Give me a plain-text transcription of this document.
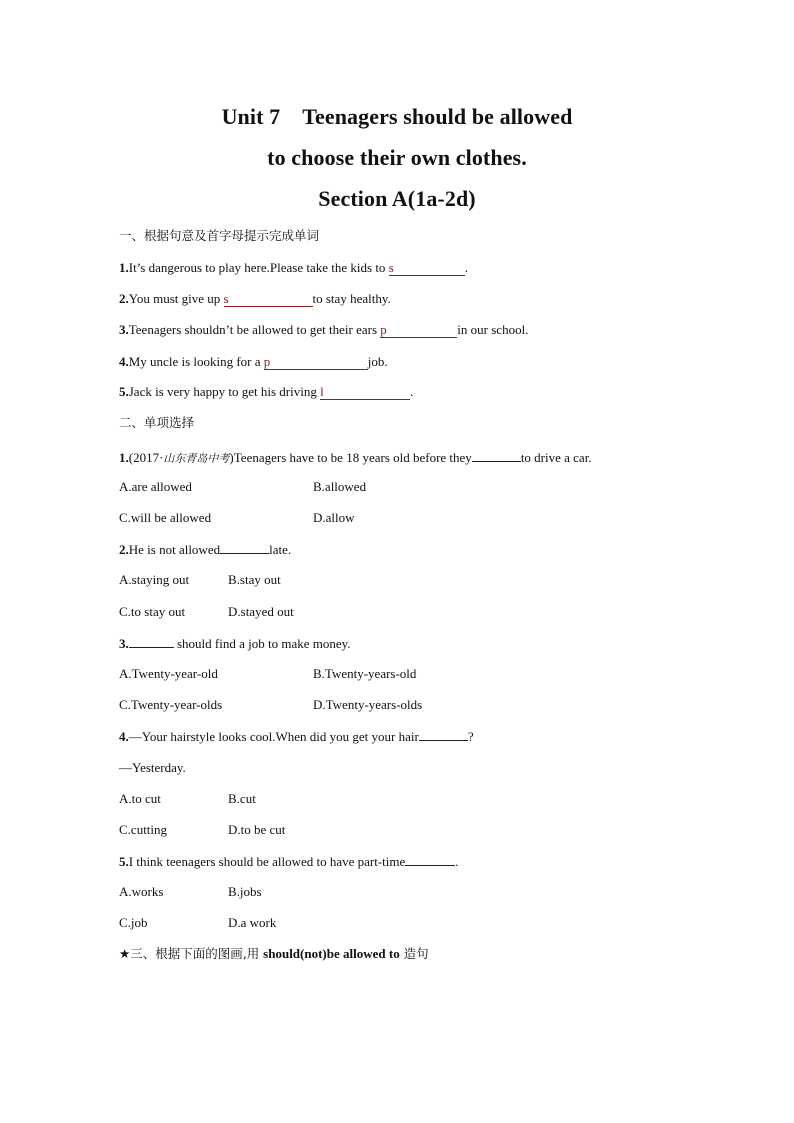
Unit 7 Teenagers should be allowed
to choose their own clothes.
Section A(1a-2d)
一、根据句意及首字母提示完成单词
1.It’s dangerous to play here.Please take the kids to s	.
2.You must give up s	to stay healthy.
3.Teenagers shouldn’t be allowed to get their ears p	in our school.
4.My uncle is looking for a p	job.
5.Jack is very happy to get his driving l	.
二、单项选择
1.(2017·山东青岛中考)Teenagers have to be 18 years old before they	to drive a car.
A.are allowed	B.allowed
C.will be allowed	D.allow
2.He is not allowed	late.
A.staying out	B.stay out
C.to stay out	D.stayed out
3.	should find a job to make money.
A.Twenty-year-old	B.Twenty-years-old
C.Twenty-year-olds	D.Twenty-years-olds
4.—Your hairstyle looks cool.When did you get your hair	?
—Yesterday.
A.to cut	B.cut
C.cutting	D.to be cut
5.I think teenagers should be allowed to have part-time	.
A.works	B.jobs
C.job	D.a work
★三、根据下面的图画,用 should(not)be allowed to 造句
